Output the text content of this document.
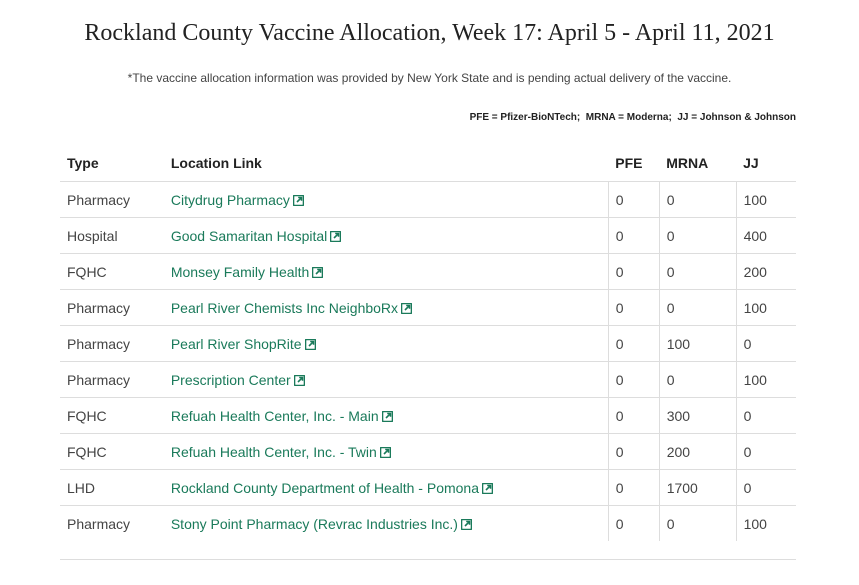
Rockland County Vaccine Allocation, Week 17: April 5 - April 11, 2021
*The vaccine allocation information was provided by New York State and is pending actual delivery of the vaccine.
PFE = Pfizer-BioNTech;  MRNA = Moderna;  JJ = Johnson & Johnson
Type	Location Link	PFE	MRNA	JJ
Pharmacy	Citydrug Pharmacy	0	0	100
Hospital	Good Samaritan Hospital	0	0	400
FQHC	Monsey Family Health	0	0	200
Pharmacy	Pearl River Chemists Inc NeighboRx	0	0	100
Pharmacy	Pearl River ShopRite	0	100	0
Pharmacy	Prescription Center	0	0	100
FQHC	Refuah Health Center, Inc. - Main	0	300	0
FQHC	Refuah Health Center, Inc. - Twin	0	200	0
LHD	Rockland County Department of Health - Pomona	0	1700	0
Pharmacy	Stony Point Pharmacy (Revrac Industries Inc.)	0	0	100
